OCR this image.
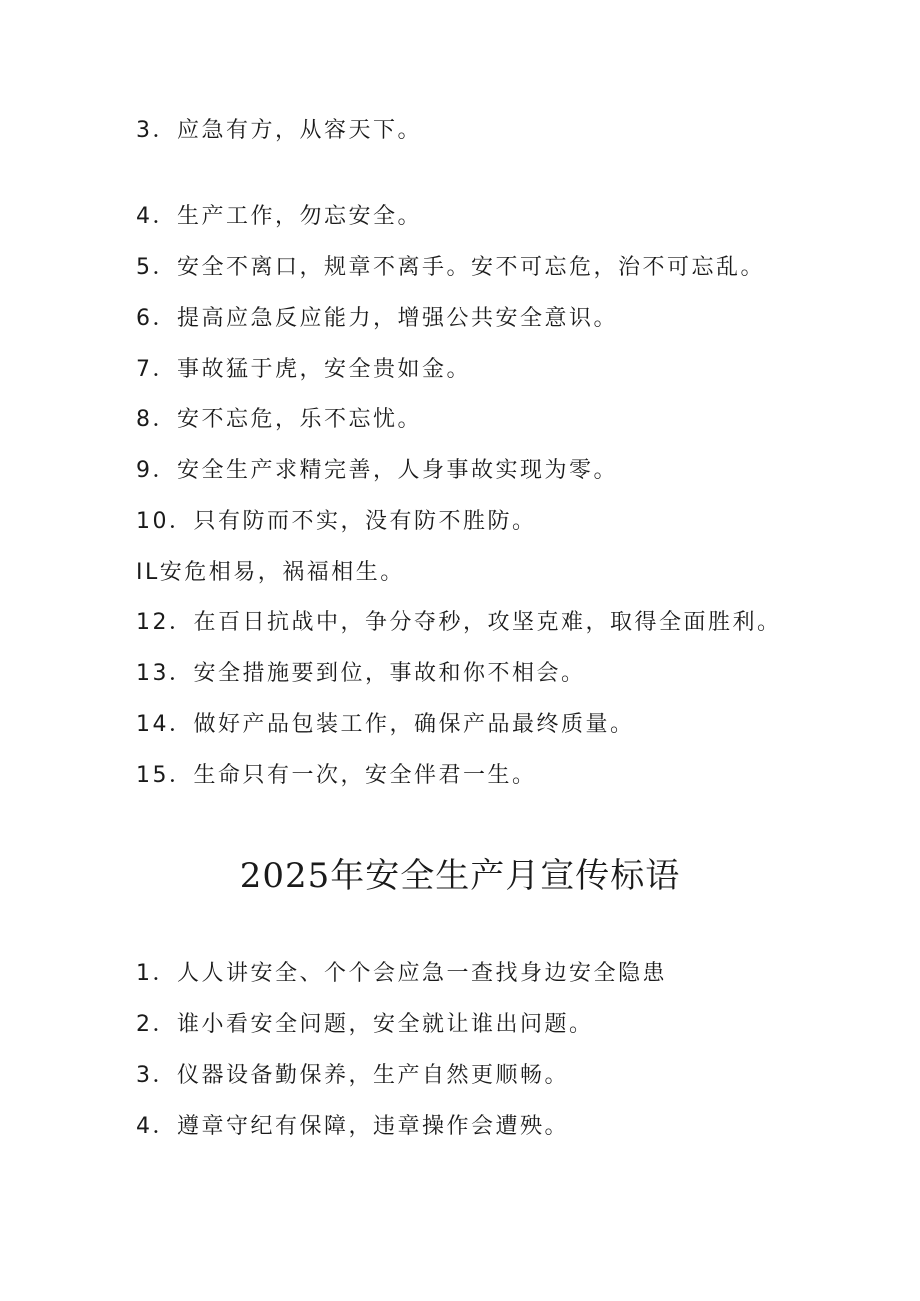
3．应急有方，从容天下。
4．生产工作，勿忘安全。
5．安全不离口，规章不离手。安不可忘危，治不可忘乱。
6．提高应急反应能力，增强公共安全意识。
7．事故猛于虎，安全贵如金。
8．安不忘危，乐不忘忧。
9．安全生产求精完善，人身事故实现为零。
10．只有防而不实，没有防不胜防。
IL安危相易，祸福相生。
12．在百日抗战中，争分夺秒，攻坚克难，取得全面胜利。
13．安全措施要到位，事故和你不相会。
14．做好产品包装工作，确保产品最终质量。
15．生命只有一次，安全伴君一生。
2025年安全生产月宣传标语
1．人人讲安全、个个会应急一查找身边安全隐患
2．谁小看安全问题，安全就让谁出问题。
3．仪器设备勤保养，生产自然更顺畅。
4．遵章守纪有保障，违章操作会遭殃。
